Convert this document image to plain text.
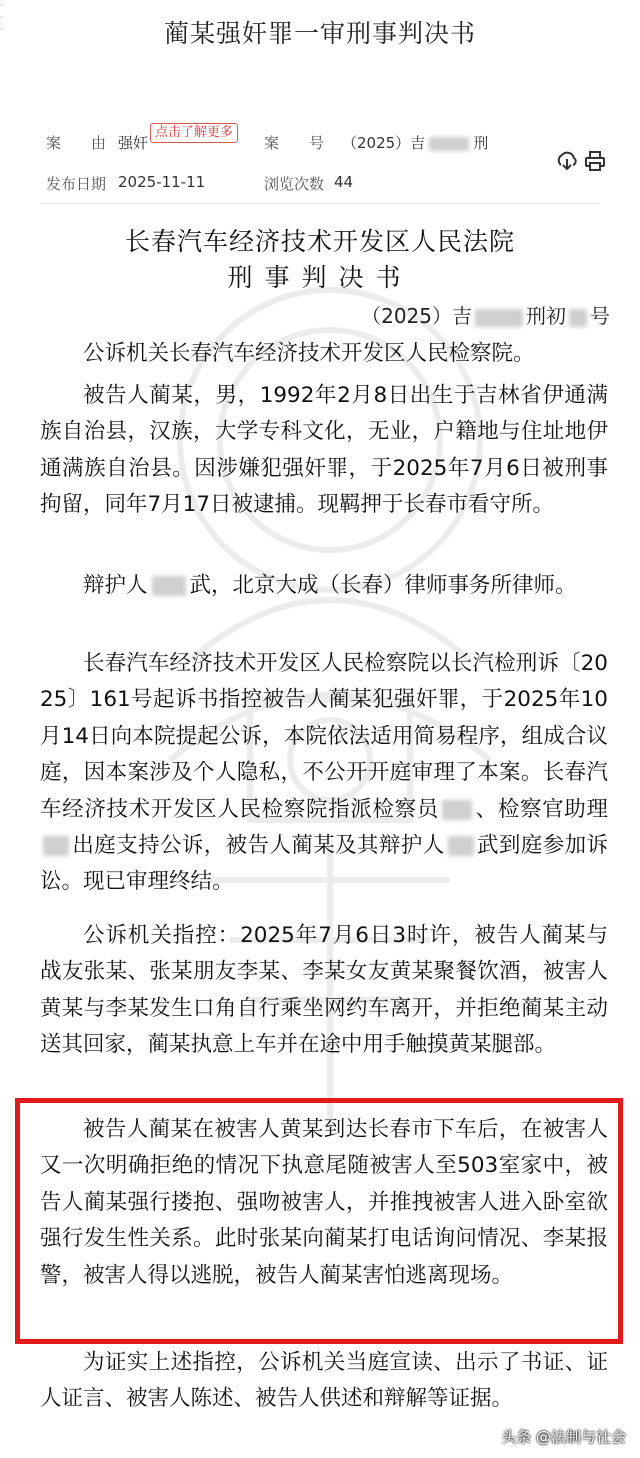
·
·
·	蔺某强奸罪一审刑事判决书
案　　由 强奸
点击了解更多
案　　号 （2025）吉	刑
发布日期 2025-11-11	浏览次数 44
长春汽车经济技术开发区人民法院
刑事判决书
（2025）吉	刑初 号
公诉机关长春汽车经济技术开发区人民检察院。
被告人蔺某，男，1992年2月8日出生于吉林省伊通满族自治县，汉族，大学专科文化，无业，户籍地与住址地伊通满族自治县。因涉嫌犯强奸罪，于2025年7月6日被刑事拘留，同年7月17日被逮捕。现羁押于长春市看守所。
辩护人 武，北京大成（长春）律师事务所律师。
长春汽车经济技术开发区人民检察院以长汽检刑诉〔2025〕161号起诉书指控被告人蔺某犯强奸罪，于2025年10月14日向本院提起公诉，本院依法适用简易程序，组成合议庭，因本案涉及个人隐私，不公开开庭审理了本案。长春汽车经济技术开发区人民检察院指派检察员 、检察官助理出庭支持公诉，被告人蔺某及其辩护人 武到庭参加诉讼。现已审理终结。
公诉机关指控：2025年7月6日3时许，被告人蔺某与战友张某、张某朋友李某、李某女友黄某聚餐饮酒，被害人黄某与李某发生口角自行乘坐网约车离开，并拒绝蔺某主动送其回家，蔺某执意上车并在途中用手触摸黄某腿部。
被告人蔺某在被害人黄某到达长春市下车后，在被害人又一次明确拒绝的情况下执意尾随被害人至503室家中，被告人蔺某强行搂抱、强吻被害人，并推拽被害人进入卧室欲强行发生性关系。此时张某向蔺某打电话询问情况、李某报警，被害人得以逃脱，被告人蔺某害怕逃离现场。
为证实上述指控，公诉机关当庭宣读、出示了书证、证人证言、被害人陈述、被告人供述和辩解等证据。
头条 @法制与社会
